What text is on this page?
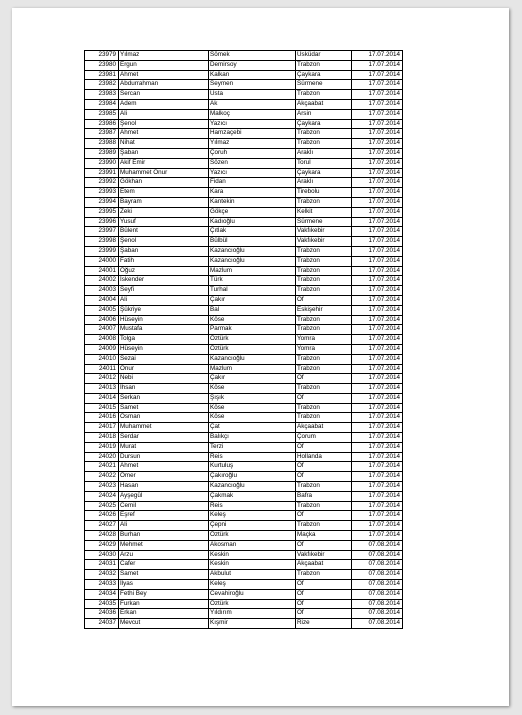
23979	Yılmaz	Sömek	Üsküdar	17.07.2014
23980	Ergun	Demirsoy	Trabzon	17.07.2014
23981	Ahmet	Kalkan	Çaykara	17.07.2014
23982	Abdurrahman	Seymen	Sürmene	17.07.2014
23983	Sercan	Usta	Trabzon	17.07.2014
23984	Adem	Ak	Akçaabat	17.07.2014
23985	Ali	Malkoç	Arsin	17.07.2014
23986	Şenol	Yazıcı	Çaykara	17.07.2014
23987	Ahmet	Hamzaçebi	Trabzon	17.07.2014
23988	Nihat	Yılmaz	Trabzon	17.07.2014
23989	Şaban	Çoruh	Araklı	17.07.2014
23990	Akif Emir	Sözen	Torul	17.07.2014
23991	Muhammet Onur	Yazıcı	Çaykara	17.07.2014
23992	Gökhan	Fidan	Araklı	17.07.2014
23993	Etem	Kara	Tirebolu	17.07.2014
23994	Bayram	Kantekin	Trabzon	17.07.2014
23995	Zeki	Gökçe	Kelkit	17.07.2014
23996	Yusuf	Kadıoğlu	Sürmene	17.07.2014
23997	Bülent	Çıtlak	Vakfıkebir	17.07.2014
23998	Şenol	Bülbül	Vakfıkebir	17.07.2014
23999	Şaban	Kazancıoğlu	Trabzon	17.07.2014
24000	Fatih	Kazancıoğlu	Trabzon	17.07.2014
24001	Oğuz	Mazlum	Trabzon	17.07.2014
24002	İskender	Türk	Trabzon	17.07.2014
24003	Seyfi	Turhal	Trabzon	17.07.2014
24004	Ali	Çakır	Of	17.07.2014
24005	Şükriye	Bal	Eskişehir	17.07.2014
24006	Hüseyin	Köse	Trabzon	17.07.2014
24007	Mustafa	Parmak	Trabzon	17.07.2014
24008	Tolga	Öztürk	Yomra	17.07.2014
24009	Hüseyin	Öztürk	Yomra	17.07.2014
24010	Sezai	Kazancıoğlu	Trabzon	17.07.2014
24011	Onur	Mazlum	Trabzon	17.07.2014
24012	Nebi	Çakır	Of	17.07.2014
24013	İhsan	Köse	Trabzon	17.07.2014
24014	Serkan	Şışık	Of	17.07.2014
24015	Samet	Köse	Trabzon	17.07.2014
24016	Osman	Köse	Trabzon	17.07.2014
24017	Muhammet	Çat	Akçaabat	17.07.2014
24018	Serdar	Balıkçı	Çorum	17.07.2014
24019	Murat	Terzi	Of	17.07.2014
24020	Dursun	Reis	Hollanda	17.07.2014
24021	Ahmet	Kurtuluş	Of	17.07.2014
24022	Ömer	Çakıroğlu	Of	17.07.2014
24023	Hasan	Kazancıoğlu	Trabzon	17.07.2014
24024	Ayşegül	Çakmak	Bafra	17.07.2014
24025	Cemil	Reis	Trabzon	17.07.2014
24026	Eşref	Keleş	Of	17.07.2014
24027	Ali	Çepni	Trabzon	17.07.2014
24028	Burhan	Öztürk	Maçka	17.07.2014
24029	Mehmet	Akosman	Of	07.08.2014
24030	Arzu	Keskin	Vakfıkebir	07.08.2014
24031	Cafer	Keskin	Akçaabat	07.08.2014
24032	Samet	Akbulut	Trabzon	07.08.2014
24033	İlyas	Keleş	Of	07.08.2014
24034	Fethi Bey	Cevahiroğlu	Of	07.08.2014
24035	Furkan	Öztürk	Of	07.08.2014
24036	Erkan	Yıldırım	Of	07.08.2014
24037	Mevcut	Kışmir	Rize	07.08.2014
